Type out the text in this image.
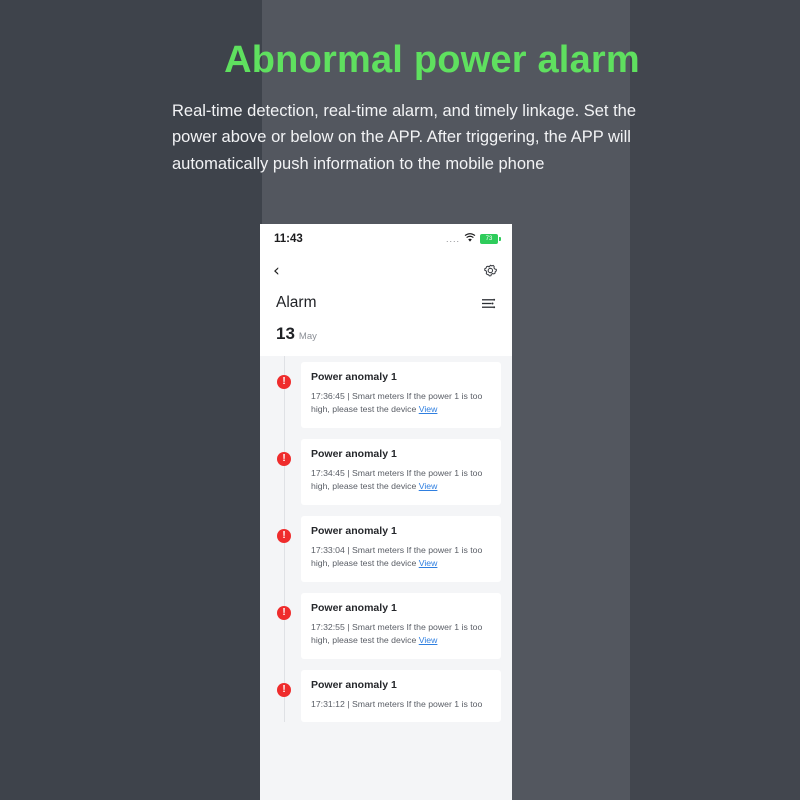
Abnormal power alarm

Real-time detection, real-time alarm, and timely linkage. Set the power above or below on the APP. After triggering, the APP will automatically push information to the mobile phone

11:43	....	73
‹
Alarm
13 May
!	Power anomaly 1
17:36:45 | Smart meters If the power 1 is too high, please test the device View
!	Power anomaly 1
17:34:45 | Smart meters If the power 1 is too high, please test the device View
!	Power anomaly 1
17:33:04 | Smart meters If the power 1 is too high, please test the device View
!	Power anomaly 1
17:32:55 | Smart meters If the power 1 is too high, please test the device View
!	Power anomaly 1
17:31:12 | Smart meters If the power 1 is too
